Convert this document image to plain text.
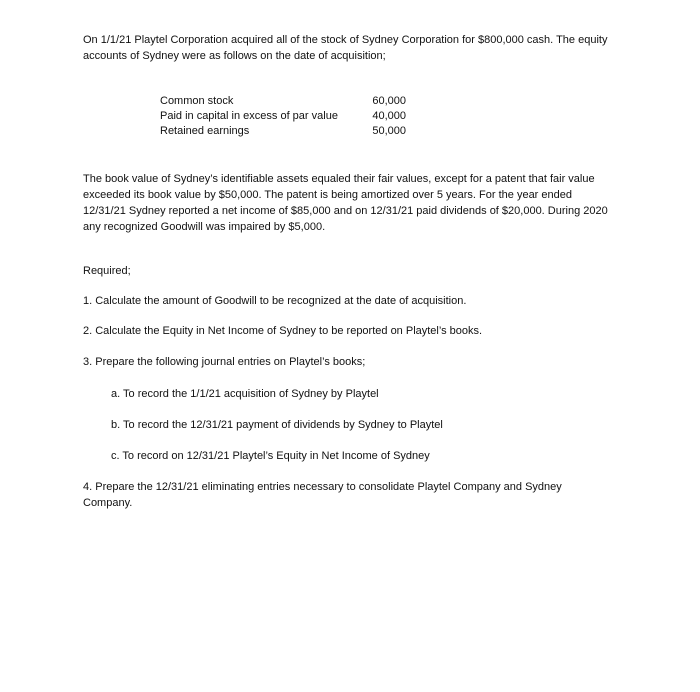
On 1/1/21 Playtel Corporation acquired all of the stock of Sydney Corporation for $800,000 cash. The equity accounts of Sydney were as follows on the date of acquisition;

Common stock	60,000
Paid in capital in excess of par value	40,000
Retained earnings	50,000

The book value of Sydney’s identifiable assets equaled their fair values, except for a patent that fair value exceeded its book value by $50,000. The patent is being amortized over 5 years. For the year ended 12/31/21 Sydney reported a net income of $85,000 and on 12/31/21 paid dividends of $20,000. During 2020 any recognized Goodwill was impaired by $5,000.

Required;

1. Calculate the amount of Goodwill to be recognized at the date of acquisition.

2. Calculate the Equity in Net Income of Sydney to be reported on Playtel’s books.

3. Prepare the following journal entries on Playtel’s books;

a. To record the 1/1/21 acquisition of Sydney by Playtel

b. To record the 12/31/21 payment of dividends by Sydney to Playtel

c. To record on 12/31/21 Playtel’s Equity in Net Income of Sydney

4. Prepare the 12/31/21 eliminating entries necessary to consolidate Playtel Company and Sydney Company.
